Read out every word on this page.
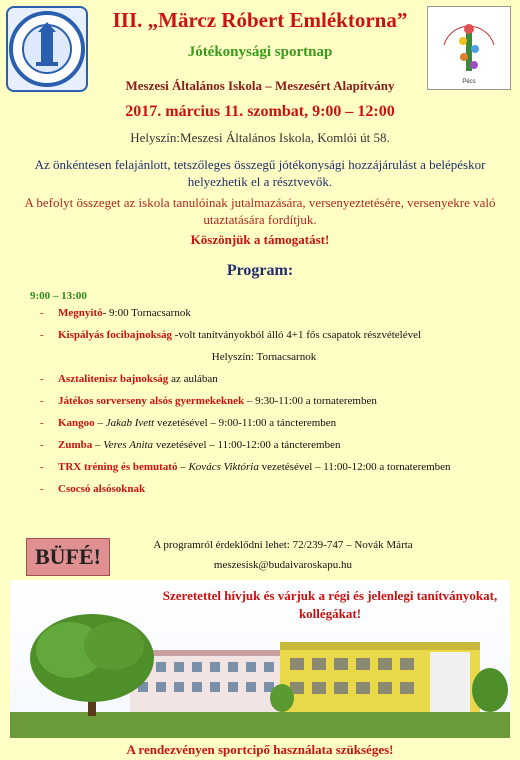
Pécs
III. „Märcz Róbert Emléktorna”
Jótékonysági sportnap
Meszesi Általános Iskola – Meszesért Alapítvány
2017. március 11. szombat, 9:00 – 12:00
Helyszín:Meszesi Általános Iskola, Komlói út 58.
Az önkéntesen felajánlott, tetszőleges összegű jótékonysági hozzájárulást a belépéskor helyezhetik el a résztvevők.
A befolyt összeget az iskola tanulóinak jutalmazására, versenyeztetésére, versenyekre való utaztatására fordítjuk.
Köszönjük a támogatást!
Program:
9:00 – 13:00
- Megnyitó- 9:00 Tornacsarnok
- Kispályás focibajnokság -volt tanítványokból álló 4+1 fős csapatok részvételével
Helyszín: Tornacsarnok
- Asztalitenisz bajnokság az aulában
- Játékos sorverseny alsós gyermekeknek – 9:30-11:00 a tornateremben
- Kangoo – Jakab Ivett vezetésével – 9:00-11:00 a táncteremben
- Zumba – Veres Anita vezetésével – 11:00-12:00 a táncteremben
- TRX tréning és bemutató – Kovács Viktória vezetésével – 11:00-12:00 a tornateremben
- Csocsó alsósoknak
BÜFÉ!	A programról érdeklődni lehet: 72/239-747 – Novák Márta
meszesisk@budaivaroskapu.hu
Szeretettel hívjuk és várjuk a régi és jelenlegi tanítványokat, kollégákat!
A rendezvényen sportcipő használata szükséges!
